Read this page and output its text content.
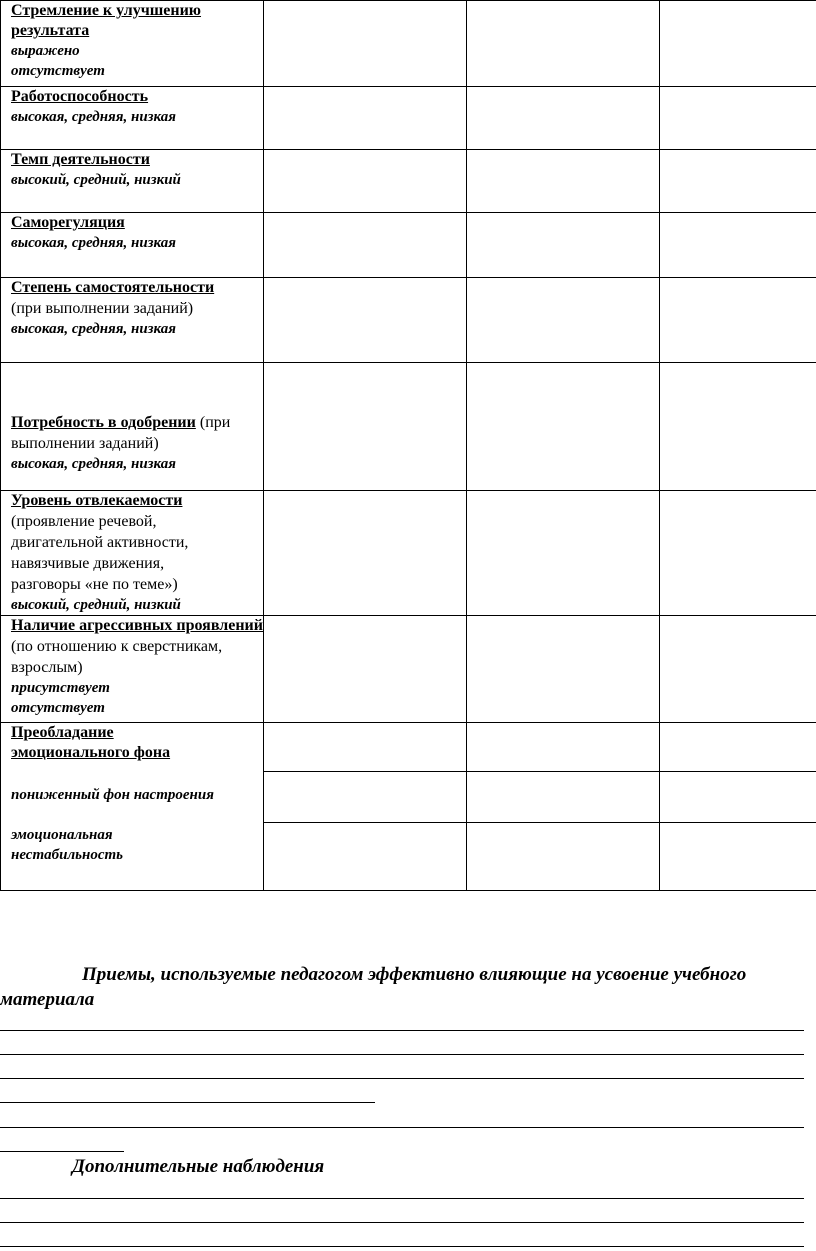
Стремление к улучшению результата
выражено
отсутствует			

Работоспособность
высокая, средняя, низкая			

Темп деятельности
высокий, средний, низкий			

Саморегуляция
высокая, средняя, низкая			

Степень самостоятельности (при выполнении заданий)
высокая, средняя, низкая			

Потребность в одобрении (при выполнении заданий)
высокая, средняя, низкая			

Уровень отвлекаемости (проявление речевой, двигательной активности, навязчивые движения, разговоры «не по теме»)
высокий, средний, низкий			

Наличие агрессивных проявлений (по отношению к сверстникам, взрослым)
присутствует
отсутствует			

Преобладание эмоционального фона
пониженный фон настроения
эмоциональная нестабильность			

Приемы, используемые педагогом эффективно влияющие на усвоение учебного материала
Дополнительные наблюдения
